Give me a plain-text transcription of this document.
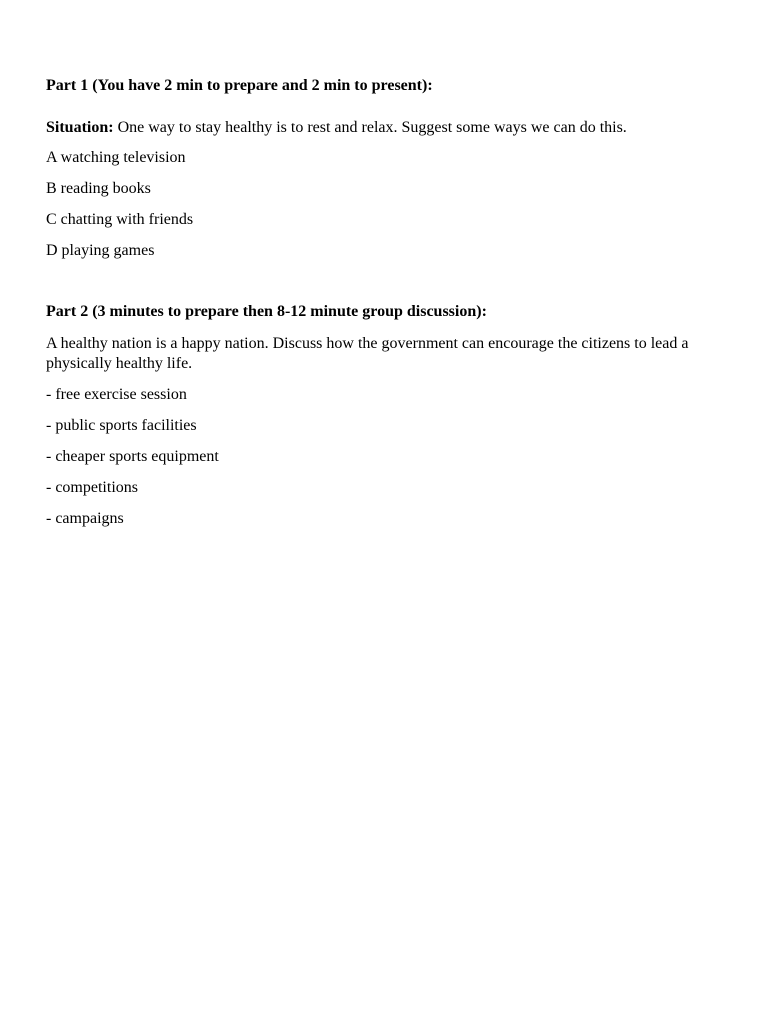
Part 1 (You have 2 min to prepare and 2 min to present):
Situation: One way to stay healthy is to rest and relax. Suggest some ways we can do this.
A watching television
B reading books
C chatting with friends
D playing games
Part 2 (3 minutes to prepare then 8-12 minute group discussion):
A healthy nation is a happy nation. Discuss how the government can encourage the citizens to lead a physically healthy life.
- free exercise session
- public sports facilities
- cheaper sports equipment
- competitions
- campaigns
